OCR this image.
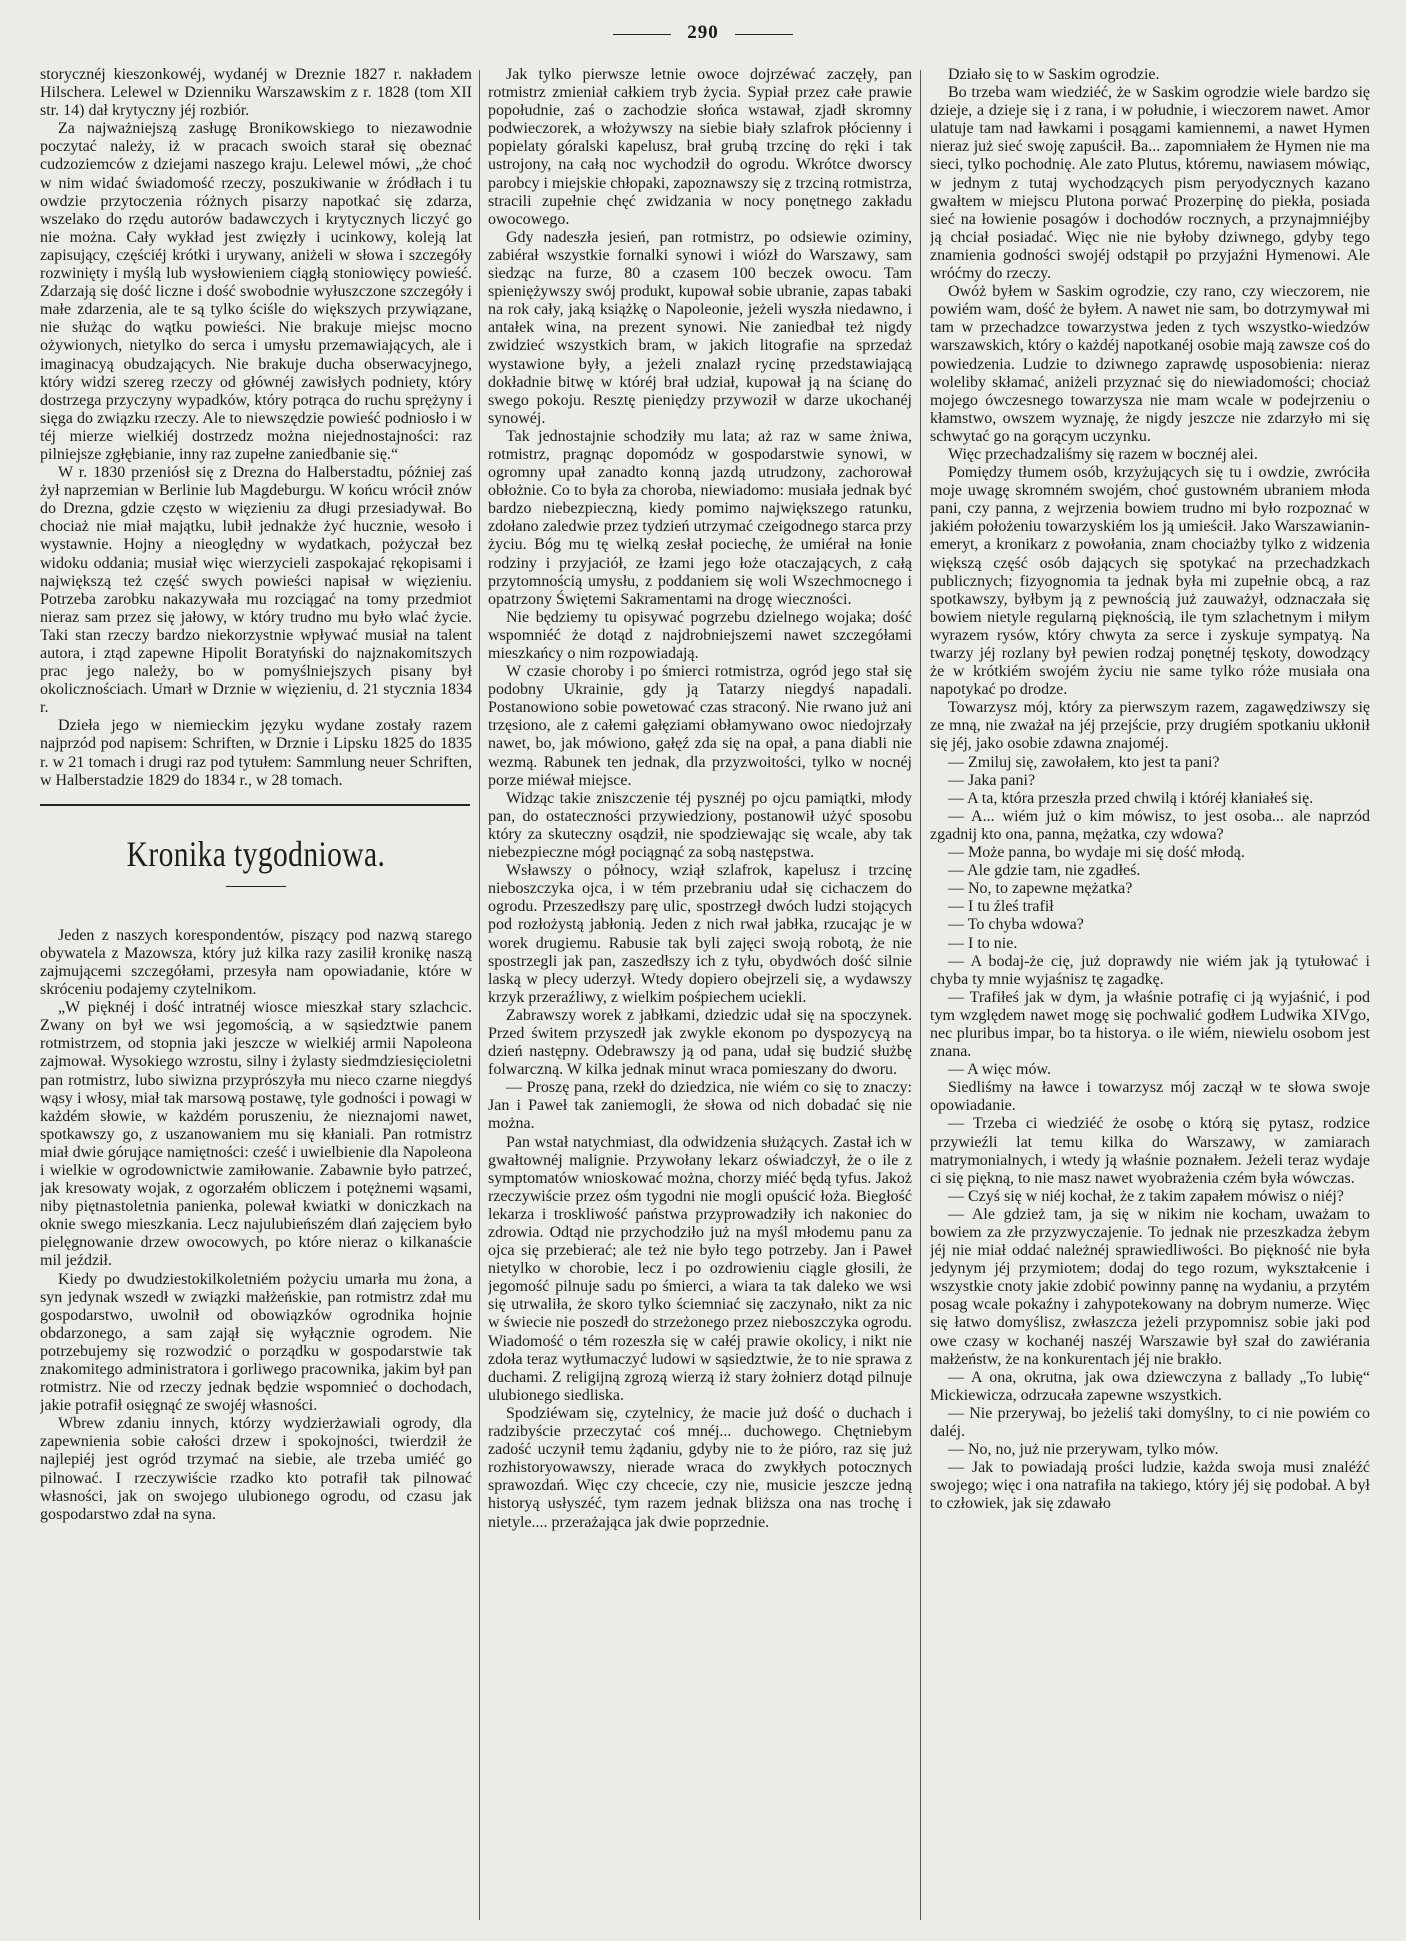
290

storycznéj kieszonkowéj, wydanéj w Dreznie 1827 r. nakładem Hilschera. Lelewel w Dzienniku Warszawskim z r. 1828 (tom XII str. 14) dał krytyczny jéj rozbiór.

Za najważniejszą zasługę Bronikowskiego to niezawodnie poczytać należy, iż w pracach swoich starał się obeznać cudzoziemców z dziejami naszego kraju. Lelewel mówi, „że choć w nim widać świadomość rzeczy, poszukiwanie w źródłach i tu owdzie przytoczenia różnych pisarzy napotkać się zdarza, wszelako do rzędu autorów badawczych i krytycznych liczyć go nie można. Cały wykład jest zwięzły i ucinkowy, koleją lat zapisujący, częściéj krótki i urywany, aniżeli w słowa i szczegóły rozwinięty i myślą lub wysłowieniem ciągłą stoniowięcy powieść. Zdarzają się dość liczne i dość swobodnie wyłuszczone szczegóły i małe zdarzenia, ale te są tylko ściśle do większych przywiązane, nie służąc do wątku powieści. Nie brakuje miejsc mocno ożywionych, nietylko do serca i umysłu przemawiających, ale i imaginacyą obudzających. Nie brakuje ducha obserwacyjnego, który widzi szereg rzeczy od głównéj zawisłych podniety, który dostrzega przyczyny wypadków, który potrąca do ruchu sprężyny i sięga do związku rzeczy. Ale to niewszędzie powieść podniosło i w téj mierze wielkiéj dostrzedz można niejednostajności: raz pilniejsze zgłębianie, inny raz zupełne zaniedbanie się.“

W r. 1830 przeniósł się z Drezna do Halberstadtu, później zaś żył naprzemian w Berlinie lub Magdeburgu. W końcu wrócił znów do Drezna, gdzie często w więzieniu za długi przesiadywał. Bo chociaż nie miał majątku, lubił jednakże żyć hucznie, wesoło i wystawnie. Hojny a nieoględny w wydatkach, pożyczał bez widoku oddania; musiał więc wierzycieli zaspokajać rękopisami i największą też część swych powieści napisał w więzieniu. Potrzeba zarobku nakazywała mu rozciągać na tomy przedmiot nieraz sam przez się jałowy, w który trudno mu było wlać życie. Taki stan rzeczy bardzo niekorzystnie wpływać musiał na talent autora, i ztąd zapewne Hipolit Boratyński do najznakomitszych prac jego należy, bo w pomyślniejszych pisany był okolicznościach. Umarł w Drznie w więzieniu, d. 21 stycznia 1834 r.

Dzieła jego w niemieckim języku wydane zostały razem najprzód pod napisem: Schriften, w Drznie i Lipsku 1825 do 1835 r. w 21 tomach i drugi raz pod tytułem: Sammlung neuer Schriften, w Halberstadzie 1829 do 1834 r., w 28 tomach.

Kronika tygodniowa.

Jeden z naszych korespondentów, piszący pod nazwą starego obywatela z Mazowsza, który już kilka razy zasilił kronikę naszą zajmującemi szczegółami, przesyła nam opowiadanie, które w skróceniu podajemy czytelnikom.

„W pięknéj i dość intratnéj wiosce mieszkał stary szlachcic. Zwany on był we wsi jegomością, a w sąsiedztwie panem rotmistrzem, od stopnia jaki jeszcze w wielkiéj armii Napoleona zajmował. Wysokiego wzrostu, silny i żylasty siedmdziesięcioletni pan rotmistrz, lubo siwizna przyprószyła mu nieco czarne niegdyś wąsy i włosy, miał tak marsową postawę, tyle godności i powagi w każdém słowie, w każdém poruszeniu, że nieznajomi nawet, spotkawszy go, z uszanowaniem mu się kłaniali. Pan rotmistrz miał dwie górujące namiętności: cześć i uwielbienie dla Napoleona i wielkie w ogrodownictwie zamiłowanie. Zabawnie było patrzeć, jak kresowaty wojak, z ogorzałém obliczem i potężnemi wąsami, niby piętnastoletnia panienka, polewał kwiatki w doniczkach na oknie swego mieszkania. Lecz najulubieńszém dlań zajęciem było pielęgnowanie drzew owocowych, po które nieraz o kilkanaście mil jeździł.

Kiedy po dwudziestokilkoletniém pożyciu umarła mu żona, a syn jedynak wszedł w związki małżeńskie, pan rotmistrz zdał mu gospodarstwo, uwolnił od obowiązków ogrodnika hojnie obdarzonego, a sam zajął się wyłącznie ogrodem. Nie potrzebujemy się rozwodzić o porządku w gospodarstwie tak znakomitego administratora i gorliwego pracownika, jakim był pan rotmistrz. Nie od rzeczy jednak będzie wspomnieć o dochodach, jakie potrafił osięgnąć ze swojéj własności.

Wbrew zdaniu innych, którzy wydzierżawiali ogrody, dla zapewnienia sobie całości drzew i spokojności, twierdził że najlepiéj jest ogród trzymać na siebie, ale trzeba umiéć go pilnować. I rzeczywiście rzadko kto potrafił tak pilnować własności, jak on swojego ulubionego ogrodu, od czasu jak gospodarstwo zdał na syna.

Jak tylko pierwsze letnie owoce dojrzéwać zaczęły, pan rotmistrz zmieniał całkiem tryb życia. Sypiał przez całe prawie popołudnie, zaś o zachodzie słońca wstawał, zjadł skromny podwieczorek, a włożywszy na siebie biały szlafrok płócienny i popielaty góralski kapelusz, brał grubą trzcinę do ręki i tak ustrojony, na całą noc wychodził do ogrodu. Wkrótce dworscy parobcy i miejskie chłopaki, zapoznawszy się z trzciną rotmistrza, stracili zupełnie chęć zwidzania w nocy ponętnego zakładu owocowego.

Gdy nadeszła jesień, pan rotmistrz, po odsiewie oziminy, zabiérał wszystkie fornalki synowi i wiózł do Warszawy, sam siedząc na furze, 80 a czasem 100 beczek owocu. Tam spieniężywszy swój produkt, kupował sobie ubranie, zapas tabaki na rok cały, jaką książkę o Napoleonie, jeżeli wyszła niedawno, i antałek wina, na prezent synowi. Nie zaniedbał też nigdy zwidzieć wszystkich bram, w jakich litografie na sprzedaż wystawione były, a jeżeli znalazł rycinę przedstawiającą dokładnie bitwę w któréj brał udział, kupował ją na ścianę do swego pokoju. Resztę pieniędzy przywoził w darze ukochanéj synowéj.

Tak jednostajnie schodziły mu lata; aż raz w same żniwa, rotmistrz, pragnąc dopomódz w gospodarstwie synowi, w ogromny upał zanadto konną jazdą utrudzony, zachorował obłożnie. Co to była za choroba, niewiadomo: musiała jednak być bardzo niebezpieczną, kiedy pomimo największego ratunku, zdołano zaledwie przez tydzień utrzymać czeigodnego starca przy życiu. Bóg mu tę wielką zesłał pociechę, że umiérał na łonie rodziny i przyjaciół, ze łzami jego łoże otaczających, z całą przytomnością umysłu, z poddaniem się woli Wszechmocnego i opatrzony Świętemi Sakramentami na drogę wieczności.

Nie będziemy tu opisywać pogrzebu dzielnego wojaka; dość wspomniéć że dotąd z najdrobniejszemi nawet szczegółami mieszkańcy o nim rozpowiadają.

W czasie choroby i po śmierci rotmistrza, ogród jego stał się podobny Ukrainie, gdy ją Tatarzy niegdyś napadali. Postanowiono sobie powetować czas straconý. Nie rwano już ani trzęsiono, ale z całemi gałęziami obłamywano owoc niedojrzały nawet, bo, jak mówiono, gałęź zda się na opał, a pana diabli nie wezmą. Rabunek ten jednak, dla przyzwoitości, tylko w nocnéj porze miéwał miejsce.

Widząc takie zniszczenie téj pysznéj po ojcu pamiątki, młody pan, do ostateczności przywiedziony, postanowił użyć sposobu który za skuteczny osądził, nie spodziewając się wcale, aby tak niebezpieczne mógł pociągnąć za sobą następstwa.

Wsławszy o północy, wziął szlafrok, kapelusz i trzcinę nieboszczyka ojca, i w tém przebraniu udał się cichaczem do ogrodu. Przeszedłszy parę ulic, spostrzegł dwóch ludzi stojących pod rozłożystą jabłonią. Jeden z nich rwał jabłka, rzucając je w worek drugiemu. Rabusie tak byli zajęci swoją robotą, że nie spostrzegli jak pan, zaszedłszy ich z tyłu, obydwóch dość silnie laską w plecy uderzył. Wtedy dopiero obejrzeli się, a wydawszy krzyk przeraźliwy, z wielkim pośpiechem uciekli.

Zabrawszy worek z jabłkami, dziedzic udał się na spoczynek. Przed świtem przyszedł jak zwykle ekonom po dyspozycyą na dzień następny. Odebrawszy ją od pana, udał się budzić służbę folwarczną. W kilka jednak minut wraca pomieszany do dworu.

— Proszę pana, rzekł do dziedzica, nie wiém co się to znaczy: Jan i Paweł tak zaniemogli, że słowa od nich dobadać się nie można.

Pan wstał natychmiast, dla odwidzenia służących. Zastał ich w gwałtownéj malignie. Przywołany lekarz oświadczył, że o ile z symptomatów wnioskować można, chorzy miéć będą tyfus. Jakoż rzeczywiście przez ośm tygodni nie mogli opuścić łoża. Biegłość lekarza i troskliwość państwa przyprowadziły ich nakoniec do zdrowia. Odtąd nie przychodziło już na myśl młodemu panu za ojca się przebierać; ale też nie było tego potrzeby. Jan i Paweł nietylko w chorobie, lecz i po ozdrowieniu ciągle głosili, że jegomość pilnuje sadu po śmierci, a wiara ta tak daleko we wsi się utrwaliła, że skoro tylko ściemniać się zaczynało, nikt za nic w świecie nie poszedł do strzeżonego przez nieboszczyka ogrodu. Wiadomość o tém rozeszła się w całéj prawie okolicy, i nikt nie zdoła teraz wytłumaczyć ludowi w sąsiedztwie, że to nie sprawa z duchami. Z religijną zgrozą wierzą iż stary żołnierz dotąd pilnuje ulubionego siedliska.

Spodziéwam się, czytelnicy, że macie już dość o duchach i radzibyście przeczytać coś mnéj... duchowego. Chętniebym zadość uczynił temu żądaniu, gdyby nie to że pióro, raz się już rozhistoryowawszy, nierade wraca do zwykłych potocznych sprawozdań. Więc czy chcecie, czy nie, musicie jeszcze jedną historyą usłyszéć, tym razem jednak bliższa ona nas trochę i nietyle.... przerażająca jak dwie poprzednie.

Działo się to w Saskim ogrodzie.

Bo trzeba wam wiedziéć, że w Saskim ogrodzie wiele bardzo się dzieje, a dzieje się i z rana, i w południe, i wieczorem nawet. Amor ulatuje tam nad ławkami i posągami kamiennemi, a nawet Hymen nieraz już sieć swoję zapuścił. Ba... zapomniałem że Hymen nie ma sieci, tylko pochodnię. Ale zato Plutus, któremu, nawiasem mówiąc, w jednym z tutaj wychodzących pism peryodycznych kazano gwałtem w miejscu Plutona porwać Prozerpinę do piekła, posiada sieć na łowienie posagów i dochodów rocznych, a przynajmniéjby ją chciał posiadać. Więc nie nie byłoby dziwnego, gdyby tego znamienia godności swojéj odstąpił po przyjaźni Hymenowi. Ale wróćmy do rzeczy.

Owóż byłem w Saskim ogrodzie, czy rano, czy wieczorem, nie powiém wam, dość że byłem. A nawet nie sam, bo dotrzymywał mi tam w przechadzce towarzystwa jeden z tych wszystko-wiedzów warszawskich, który o każdéj napotkanéj osobie mają zawsze coś do powiedzenia. Ludzie to dziwnego zaprawdę usposobienia: nieraz woleliby skłamać, aniżeli przyznać się do niewiadomości; chociaż mojego ówczesnego towarzysza nie mam wcale w podejrzeniu o kłamstwo, owszem wyznaję, że nigdy jeszcze nie zdarzyło mi się schwytać go na gorącym uczynku.

Więc przechadzaliśmy się razem w bocznéj alei.

Pomiędzy tłumem osób, krzyżujących się tu i owdzie, zwróciła moje uwagę skromném swojém, choć gustowném ubraniem młoda pani, czy panna, z wejrzenia bowiem trudno mi było rozpoznać w jakiém położeniu towarzyskiém los ją umieścił. Jako Warszawianin-emeryt, a kronikarz z powołania, znam chociażby tylko z widzenia większą część osób dających się spotykać na przechadzkach publicznych; fizyognomia ta jednak była mi zupełnie obcą, a raz spotkawszy, byłbym ją z pewnością już zauważył, odznaczała się bowiem nietyle regularną pięknością, ile tym szlachetnym i miłym wyrazem rysów, który chwyta za serce i zyskuje sympatyą. Na twarzy jéj rozlany był pewien rodzaj ponętnéj tęskoty, dowodzący że w krótkiém swojém życiu nie same tylko róże musiała ona napotykać po drodze.

Towarzysz mój, który za pierwszym razem, zagawędziwszy się ze mną, nie zważał na jéj przejście, przy drugiém spotkaniu ukłonił się jéj, jako osobie zdawna znajoméj.

— Zmiluj się, zawołałem, kto jest ta pani?

— Jaka pani?

— A ta, która przeszła przed chwilą i któréj kłaniałeś się.

— A... wiém już o kim mówisz, to jest osoba... ale naprzód zgadnij kto ona, panna, mężatka, czy wdowa?

— Może panna, bo wydaje mi się dość młodą.

— Ale gdzie tam, nie zgadłeś.

— No, to zapewne mężatka?

— I tu źleś trafił

— To chyba wdowa?

— I to nie.

— A bodaj-że cię, już doprawdy nie wiém jak ją tytułować i chyba ty mnie wyjaśnisz tę zagadkę.

— Trafiłeś jak w dym, ja właśnie potrafię ci ją wyjaśnić, i pod tym względem nawet mogę się pochwalić godłem Ludwika XIVgo, nec pluribus impar, bo ta historya. o ile wiém, niewielu osobom jest znana.

— A więc mów.

Siedliśmy na ławce i towarzysz mój zaczął w te słowa swoje opowiadanie.

— Trzeba ci wiedziéć że osobę o którą się pytasz, rodzice przywieźli lat temu kilka do Warszawy, w zamiarach matrymonialnych, i wtedy ją właśnie poznałem. Jeżeli teraz wydaje ci się piękną, to nie masz nawet wyobrażenia czém była wówczas.

— Czyś się w niéj kochał, że z takim zapałem mówisz o niéj?

— Ale gdzież tam, ja się w nikim nie kocham, uważam to bowiem za złe przyzwyczajenie. To jednak nie przeszkadza żebym jéj nie miał oddać należnéj sprawiedliwości. Bo piękność nie była jedynym jéj przymiotem; dodaj do tego rozum, wykształcenie i wszystkie cnoty jakie zdobić powinny pannę na wydaniu, a przytém posag wcale pokaźny i zahypotekowany na dobrym numerze. Więc się łatwo domyślisz, zwłaszcza jeżeli przypomnisz sobie jaki pod owe czasy w kochanéj naszéj Warszawie był szał do zawiérania małżeństw, że na konkurentach jéj nie brakło.

— A ona, okrutna, jak owa dziewczyna z ballady „To lubię“ Mickiewicza, odrzucała zapewne wszystkich.

— Nie przerywaj, bo jeżeliś taki domyślny, to ci nie powiém co daléj.

— No, no, już nie przerywam, tylko mów.

— Jak to powiadają prości ludzie, każda swoja musi znaléźć swojego; więc i ona natrafiła na takiego, który jéj się podobał. A był to człowiek, jak się zdawało
